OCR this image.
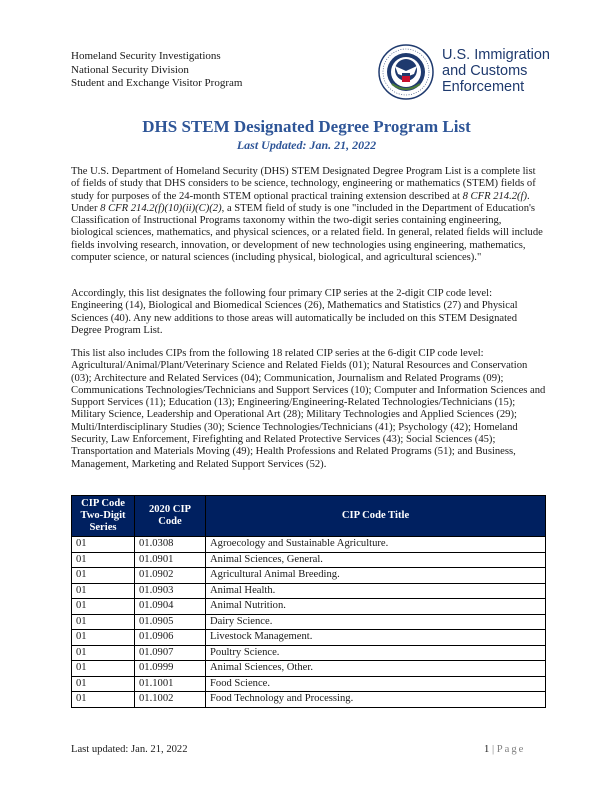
Homeland Security Investigations
National Security Division
Student and Exchange Visitor Program
U.S. Immigration
and Customs
Enforcement
DHS STEM Designated Degree Program List
Last Updated: Jan. 21, 2022
The U.S. Department of Homeland Security (DHS) STEM Designated Degree Program List is a complete list of fields of study that DHS considers to be science, technology, engineering or mathematics (STEM) fields of study for purposes of the 24-month STEM optional practical training extension described at 8 CFR 214.2(f). Under 8 CFR 214.2(f)(10)(ii)(C)(2), a STEM field of study is one "included in the Department of Education's Classification of Instructional Programs taxonomy within the two-digit series containing engineering, biological sciences, mathematics, and physical sciences, or a related field. In general, related fields will include fields involving research, innovation, or development of new technologies using engineering, mathematics, computer science, or natural sciences (including physical, biological, and agricultural sciences)."
Accordingly, this list designates the following four primary CIP series at the 2-digit CIP code level: Engineering (14), Biological and Biomedical Sciences (26), Mathematics and Statistics (27) and Physical Sciences (40). Any new additions to those areas will automatically be included on this STEM Designated Degree Program List.
This list also includes CIPs from the following 18 related CIP series at the 6-digit CIP code level: Agricultural/Animal/Plant/Veterinary Science and Related Fields (01); Natural Resources and Conservation (03); Architecture and Related Services (04); Communication, Journalism and Related Programs (09); Communications Technologies/Technicians and Support Services (10); Computer and Information Sciences and Support Services (11); Education (13); Engineering/Engineering-Related Technologies/Technicians (15); Military Science, Leadership and Operational Art (28); Military Technologies and Applied Sciences (29); Multi/Interdisciplinary Studies (30); Science Technologies/Technicians (41); Psychology (42); Homeland Security, Law Enforcement, Firefighting and Related Protective Services (43); Social Sciences (45); Transportation and Materials Moving (49); Health Professions and Related Programs (51); and Business, Management, Marketing and Related Support Services (52).
CIP Code Two-Digit Series	2020 CIP Code	CIP Code Title
01	01.0308	Agroecology and Sustainable Agriculture.
01	01.0901	Animal Sciences, General.
01	01.0902	Agricultural Animal Breeding.
01	01.0903	Animal Health.
01	01.0904	Animal Nutrition.
01	01.0905	Dairy Science.
01	01.0906	Livestock Management.
01	01.0907	Poultry Science.
01	01.0999	Animal Sciences, Other.
01	01.1001	Food Science.
01	01.1002	Food Technology and Processing.
Last updated: Jan. 21, 2022	1 | Page
